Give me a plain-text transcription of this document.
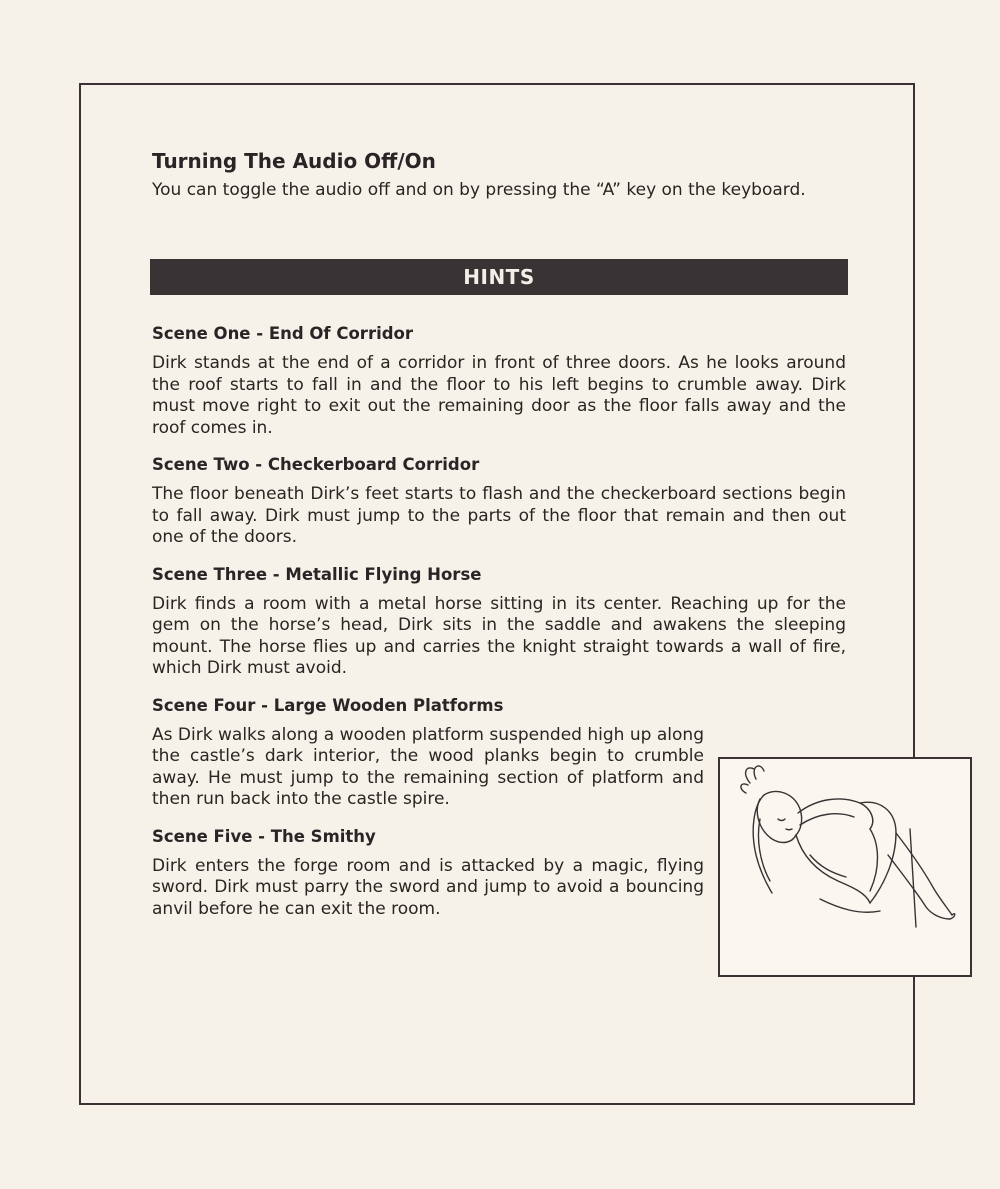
Turning The Audio Off/On

You can toggle the audio off and on by pressing the “A” key on the keyboard.

HINTS
Scene One - End Of Corridor

Dirk stands at the end of a corridor in front of three doors. As he looks around the roof starts to fall in and the floor to his left begins to crumble away. Dirk must move right to exit out the remaining door as the floor falls away and the roof comes in.

Scene Two - Checkerboard Corridor

The floor beneath Dirk’s feet starts to flash and the checkerboard sections begin to fall away. Dirk must jump to the parts of the floor that remain and then out one of the doors.

Scene Three - Metallic Flying Horse

Dirk finds a room with a metal horse sitting in its center. Reaching up for the gem on the horse’s head, Dirk sits in the saddle and awakens the sleeping mount. The horse flies up and carries the knight straight towards a wall of fire, which Dirk must avoid.

Scene Four - Large Wooden Platforms

As Dirk walks along a wooden platform suspended high up along the castle’s dark interior, the wood planks begin to crumble away. He must jump to the remaining section of platform and then run back into the castle spire.

Scene Five - The Smithy

Dirk enters the forge room and is attacked by a magic, flying sword. Dirk must parry the sword and jump to avoid a bouncing anvil before he can exit the room.
